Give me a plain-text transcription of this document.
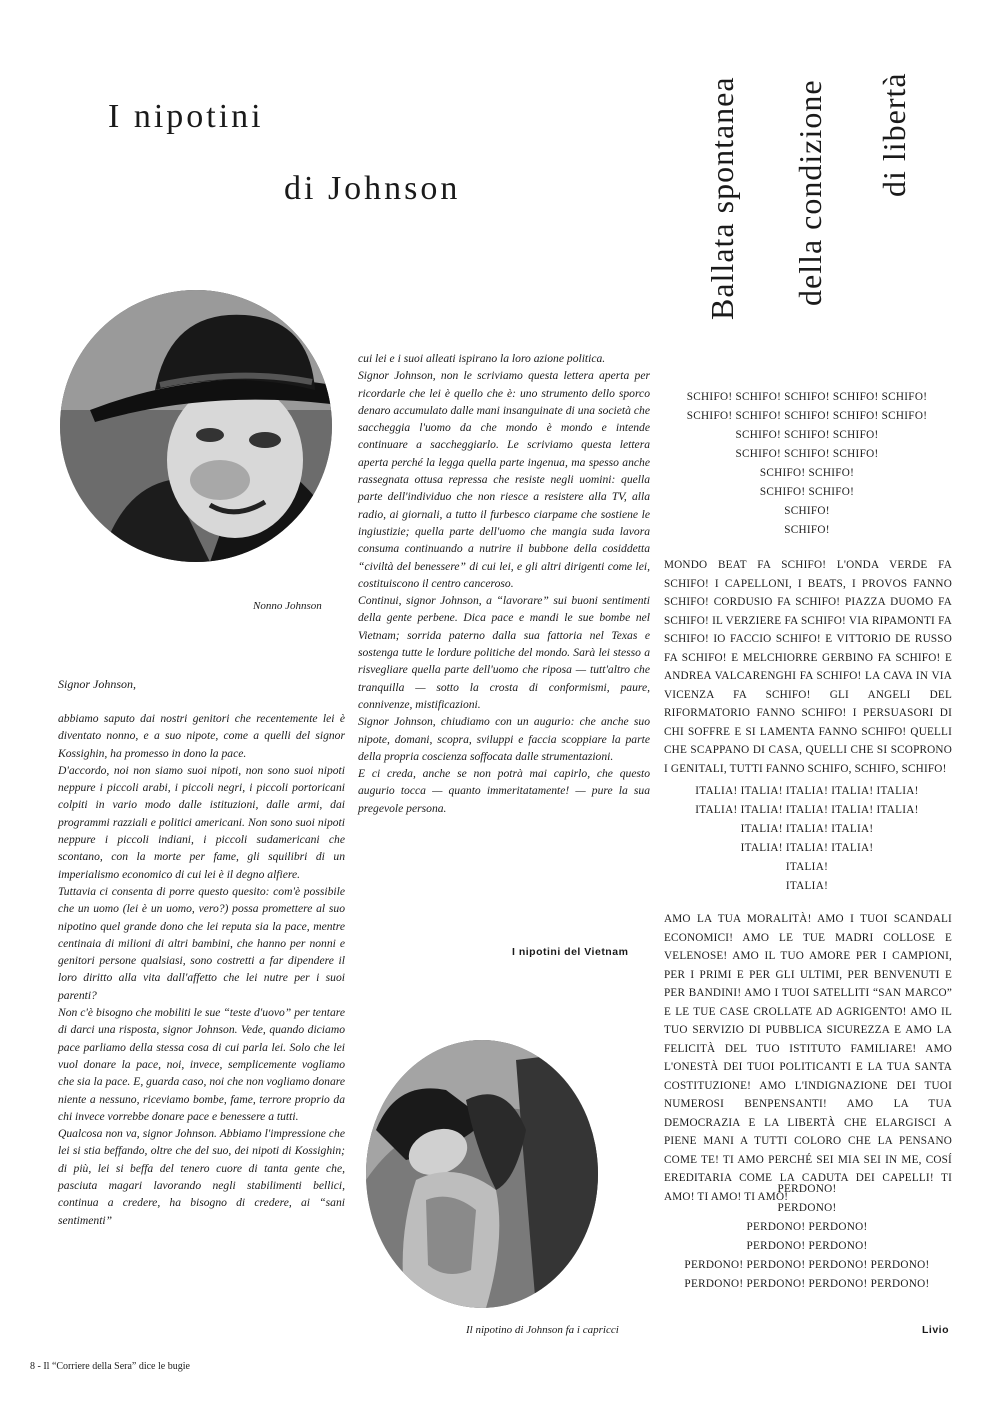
I nipotini
di Johnson	Ballata spontanea	della condizione	di libertà
Nonno Johnson
Signor Johnson,

abbiamo saputo dai nostri genitori che recentemente lei è diventato nonno, e a suo nipote, come a quelli del signor Kossighin, ha promesso in dono la pace.

D'accordo, noi non siamo suoi nipoti, non sono suoi nipoti neppure i piccoli arabi, i piccoli negri, i piccoli portoricani colpiti in vario modo dalle istituzioni, dalle armi, dai programmi razziali e politici americani. Non sono suoi nipoti neppure i piccoli indiani, i piccoli sudamericani che scontano, con la morte per fame, gli squilibri di un imperialismo economico di cui lei è il degno alfiere.

Tuttavia ci consenta di porre questo quesito: com'è possibile che un uomo (lei è un uomo, vero?) possa promettere al suo nipotino quel grande dono che lei reputa sia la pace, mentre centinaia di milioni di altri bambini, che hanno per nonni e genitori persone qualsiasi, sono costretti a far dipendere il loro diritto alla vita dall'affetto che lei nutre per i suoi parenti?

Non c'è bisogno che mobiliti le sue “teste d'uovo” per tentare di darci una risposta, signor Johnson. Vede, quando diciamo pace parliamo della stessa cosa di cui parla lei. Solo che lei vuol donare la pace, noi, invece, semplicemente vogliamo che sia la pace. E, guarda caso, noi che non vogliamo donare niente a nessuno, riceviamo bombe, fame, terrore proprio da chi invece vorrebbe donare pace e benessere a tutti.

Qualcosa non va, signor Johnson. Abbiamo l'impressione che lei si stia beffando, oltre che del suo, dei nipoti di Kossighin; di più, lei si beffa del tenero cuore di tanta gente che, pasciuta magari lavorando negli stabilimenti bellici, continua a credere, ha bisogno di credere, ai “sani sentimenti”

cui lei e i suoi alleati ispirano la loro azione politica.

Signor Johnson, non le scriviamo questa lettera aperta per ricordarle che lei è quello che è: uno strumento dello sporco denaro accumulato dalle mani insanguinate di una società che saccheggia l'uomo da che mondo è mondo e intende continuare a saccheggiarlo. Le scriviamo questa lettera aperta perché la legga quella parte ingenua, ma spesso anche rassegnata ottusa repressa che resiste negli uomini: quella parte dell'individuo che non riesce a resistere alla TV, alla radio, ai giornali, a tutto il furbesco ciarpame che sostiene le ingiustizie; quella parte dell'uomo che mangia suda lavora consuma continuando a nutrire il bubbone della cosiddetta “civiltà del benessere” di cui lei, e gli altri dirigenti come lei, costituiscono il centro canceroso.

Continui, signor Johnson, a “lavorare” sui buoni sentimenti della gente perbene. Dica pace e mandi le sue bombe nel Vietnam; sorrida paterno dalla sua fattoria nel Texas e sostenga tutte le lordure politiche del mondo. Sarà lei stesso a risvegliare quella parte dell'uomo che riposa — tutt'altro che tranquilla — sotto la crosta di conformismi, paure, connivenze, mistificazioni.

Signor Johnson, chiudiamo con un augurio: che anche suo nipote, domani, scopra, sviluppi e faccia scoppiare la parte della propria coscienza soffocata dalle strumentazioni.

E ci creda, anche se non potrà mai capirlo, che questo augurio tocca — quanto immeritatamente! — pure la sua pregevole persona.

I nipotini del Vietnam
Il nipotino di Johnson fa i capricci
SCHIFO! SCHIFO! SCHIFO! SCHIFO! SCHIFO!
SCHIFO! SCHIFO! SCHIFO! SCHIFO! SCHIFO!
SCHIFO! SCHIFO! SCHIFO!
SCHIFO! SCHIFO! SCHIFO!
SCHIFO! SCHIFO!
SCHIFO! SCHIFO!
SCHIFO!
SCHIFO!

MONDO BEAT FA SCHIFO! L'ONDA VERDE FA SCHIFO! I CAPELLONI, I BEATS, I PROVOS FANNO SCHIFO! CORDUSIO FA SCHIFO! PIAZZA DUOMO FA SCHIFO! IL VERZIERE FA SCHIFO! VIA RIPAMONTI FA SCHIFO! IO FACCIO SCHIFO! E VITTORIO DE RUSSO FA SCHIFO! E MELCHIORRE GERBINO FA SCHIFO! E ANDREA VALCARENGHI FA SCHIFO! LA CAVA IN VIA VICENZA FA SCHIFO! GLI ANGELI DEL RIFORMATORIO FANNO SCHIFO! I PERSUASORI DI CHI SOFFRE E SI LAMENTA FANNO SCHIFO! QUELLI CHE SCAPPANO DI CASA, QUELLI CHE SI SCOPRONO I GENITALI, TUTTI FANNO SCHIFO, SCHIFO, SCHIFO!

ITALIA! ITALIA! ITALIA! ITALIA! ITALIA!
ITALIA! ITALIA! ITALIA! ITALIA! ITALIA!
ITALIA! ITALIA! ITALIA!
ITALIA! ITALIA! ITALIA!
ITALIA!
ITALIA!

AMO LA TUA MORALITÀ! AMO I TUOI SCANDALI ECONOMICI! AMO LE TUE MADRI COLLOSE E VELENOSE! AMO IL TUO AMORE PER I CAMPIONI, PER I PRIMI E PER GLI ULTIMI, PER BENVENUTI E PER BANDINI! AMO I TUOI SATELLITI “SAN MARCO” E LE TUE CASE CROLLATE AD AGRIGENTO! AMO IL TUO SERVIZIO DI PUBBLICA SICUREZZA E AMO LA FELICITÀ DEL TUO ISTITUTO FAMILIARE! AMO L'ONESTÀ DEI TUOI POLITICANTI E LA TUA SANTA COSTITUZIONE! AMO L'INDIGNAZIONE DEI TUOI NUMEROSI BENPENSANTI! AMO LA TUA DEMOCRAZIA E LA LIBERTÀ CHE ELARGISCI A PIENE MANI A TUTTI COLORO CHE LA PENSANO COME TE! TI AMO PERCHÉ SEI MIA SEI IN ME, COSÍ EREDITARIA COME LA CADUTA DEI CAPELLI! TI AMO! TI AMO! TI AMO!

PERDONO!
PERDONO!
PERDONO! PERDONO!
PERDONO! PERDONO!
PERDONO! PERDONO! PERDONO! PERDONO!
PERDONO! PERDONO! PERDONO! PERDONO!
Livio
8 - Il “Corriere della Sera” dice le bugie
